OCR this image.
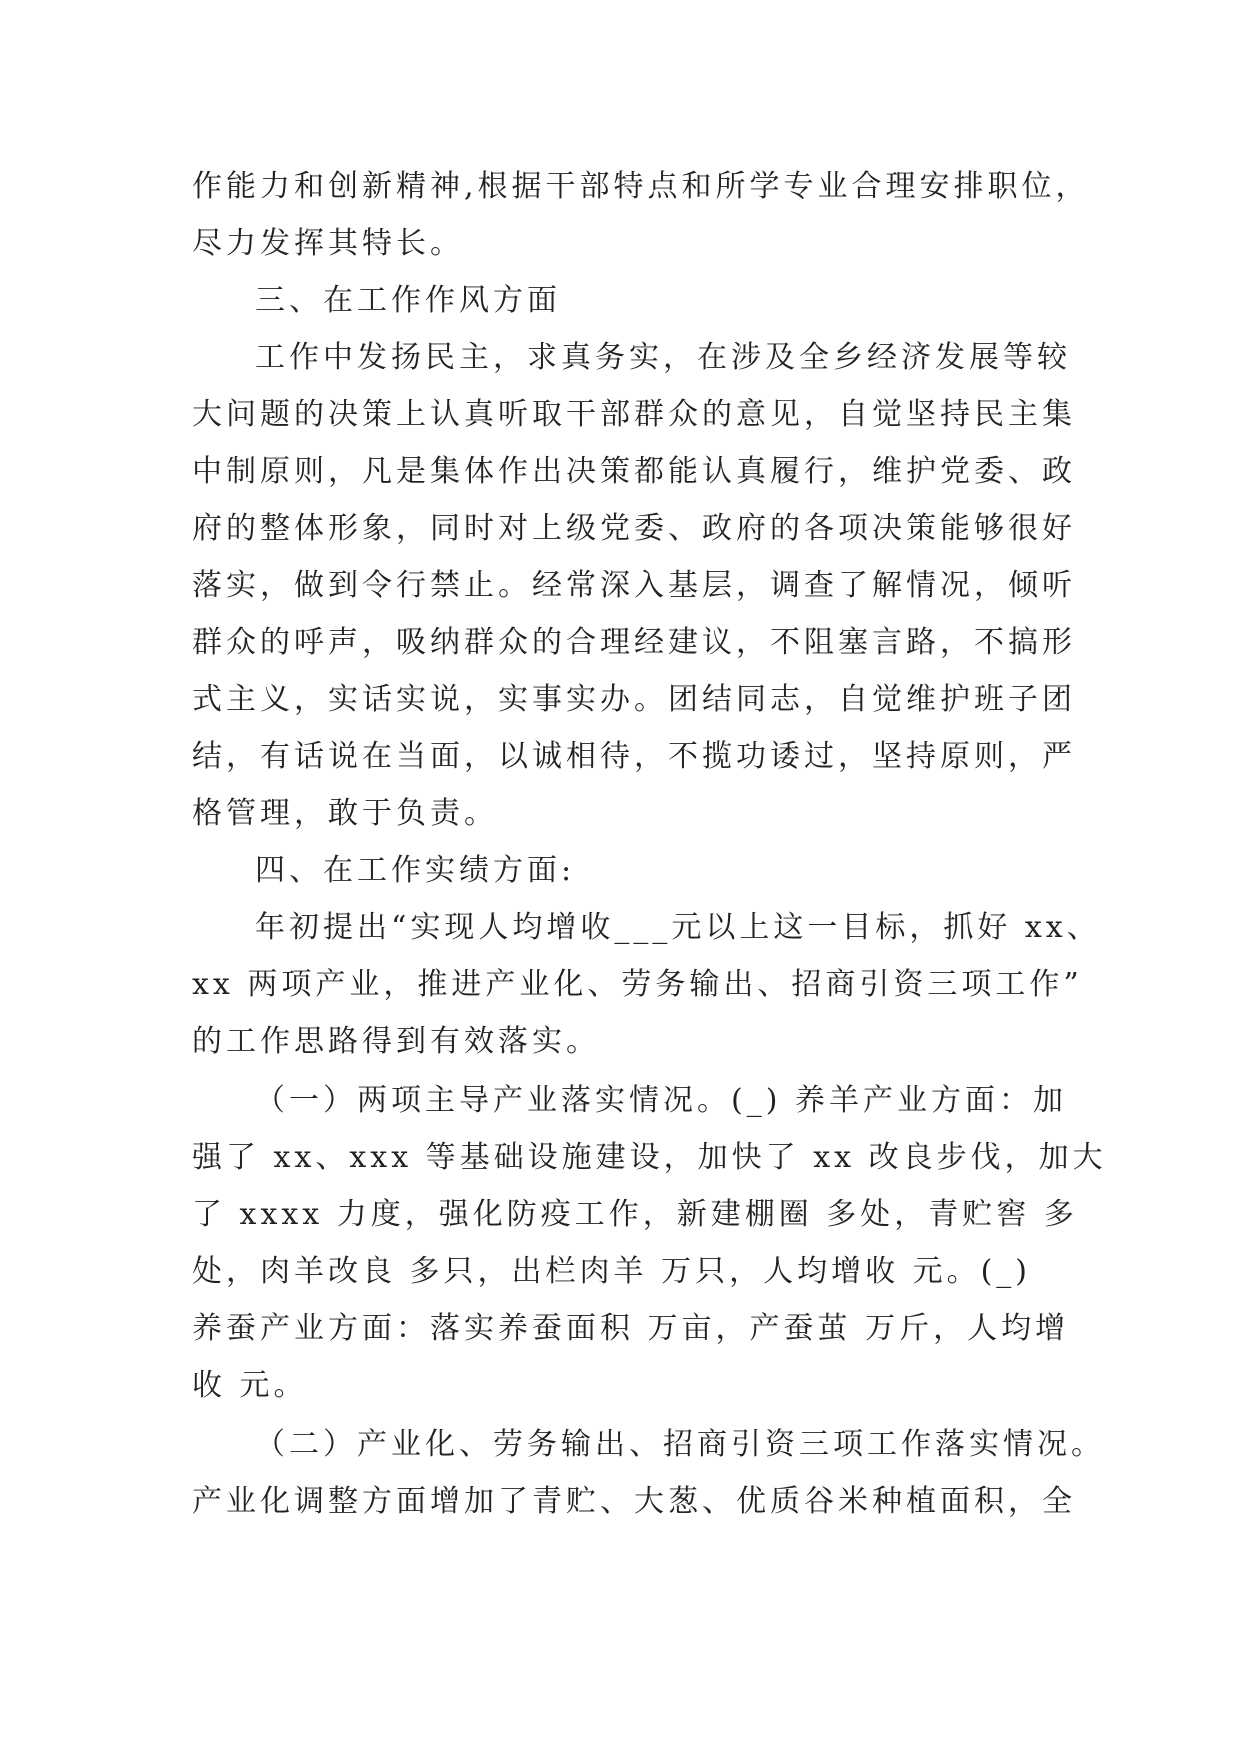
作能力和创新精神,根据干部特点和所学专业合理安排职位，
尽力发挥其特长。
三、在工作作风方面
工作中发扬民主，求真务实，在涉及全乡经济发展等较
大问题的决策上认真听取干部群众的意见，自觉坚持民主集
中制原则，凡是集体作出决策都能认真履行，维护党委、政
府的整体形象，同时对上级党委、政府的各项决策能够很好
落实，做到令行禁止。经常深入基层，调查了解情况，倾听
群众的呼声，吸纳群众的合理经建议，不阻塞言路，不搞形
式主义，实话实说，实事实办。团结同志，自觉维护班子团
结，有话说在当面，以诚相待，不揽功诿过，坚持原则，严
格管理，敢于负责。
四、在工作实绩方面:
年初提出“实现人均增收___元以上这一目标，抓好 xx、
xx 两项产业，推进产业化、劳务输出、招商引资三项工作”
的工作思路得到有效落实。
（一）两项主导产业落实情况。(_) 养羊产业方面：加
强了 xx、xxx 等基础设施建设，加快了 xx 改良步伐，加大
了 xxxx 力度，强化防疫工作，新建棚圈 多处，青贮窖 多
处，肉羊改良 多只，出栏肉羊 万只，人均增收 元。(_)
养蚕产业方面：落实养蚕面积 万亩，产蚕茧 万斤，人均增
收 元。
（二）产业化、劳务输出、招商引资三项工作落实情况。
产业化调整方面增加了青贮、大葱、优质谷米种植面积，全
